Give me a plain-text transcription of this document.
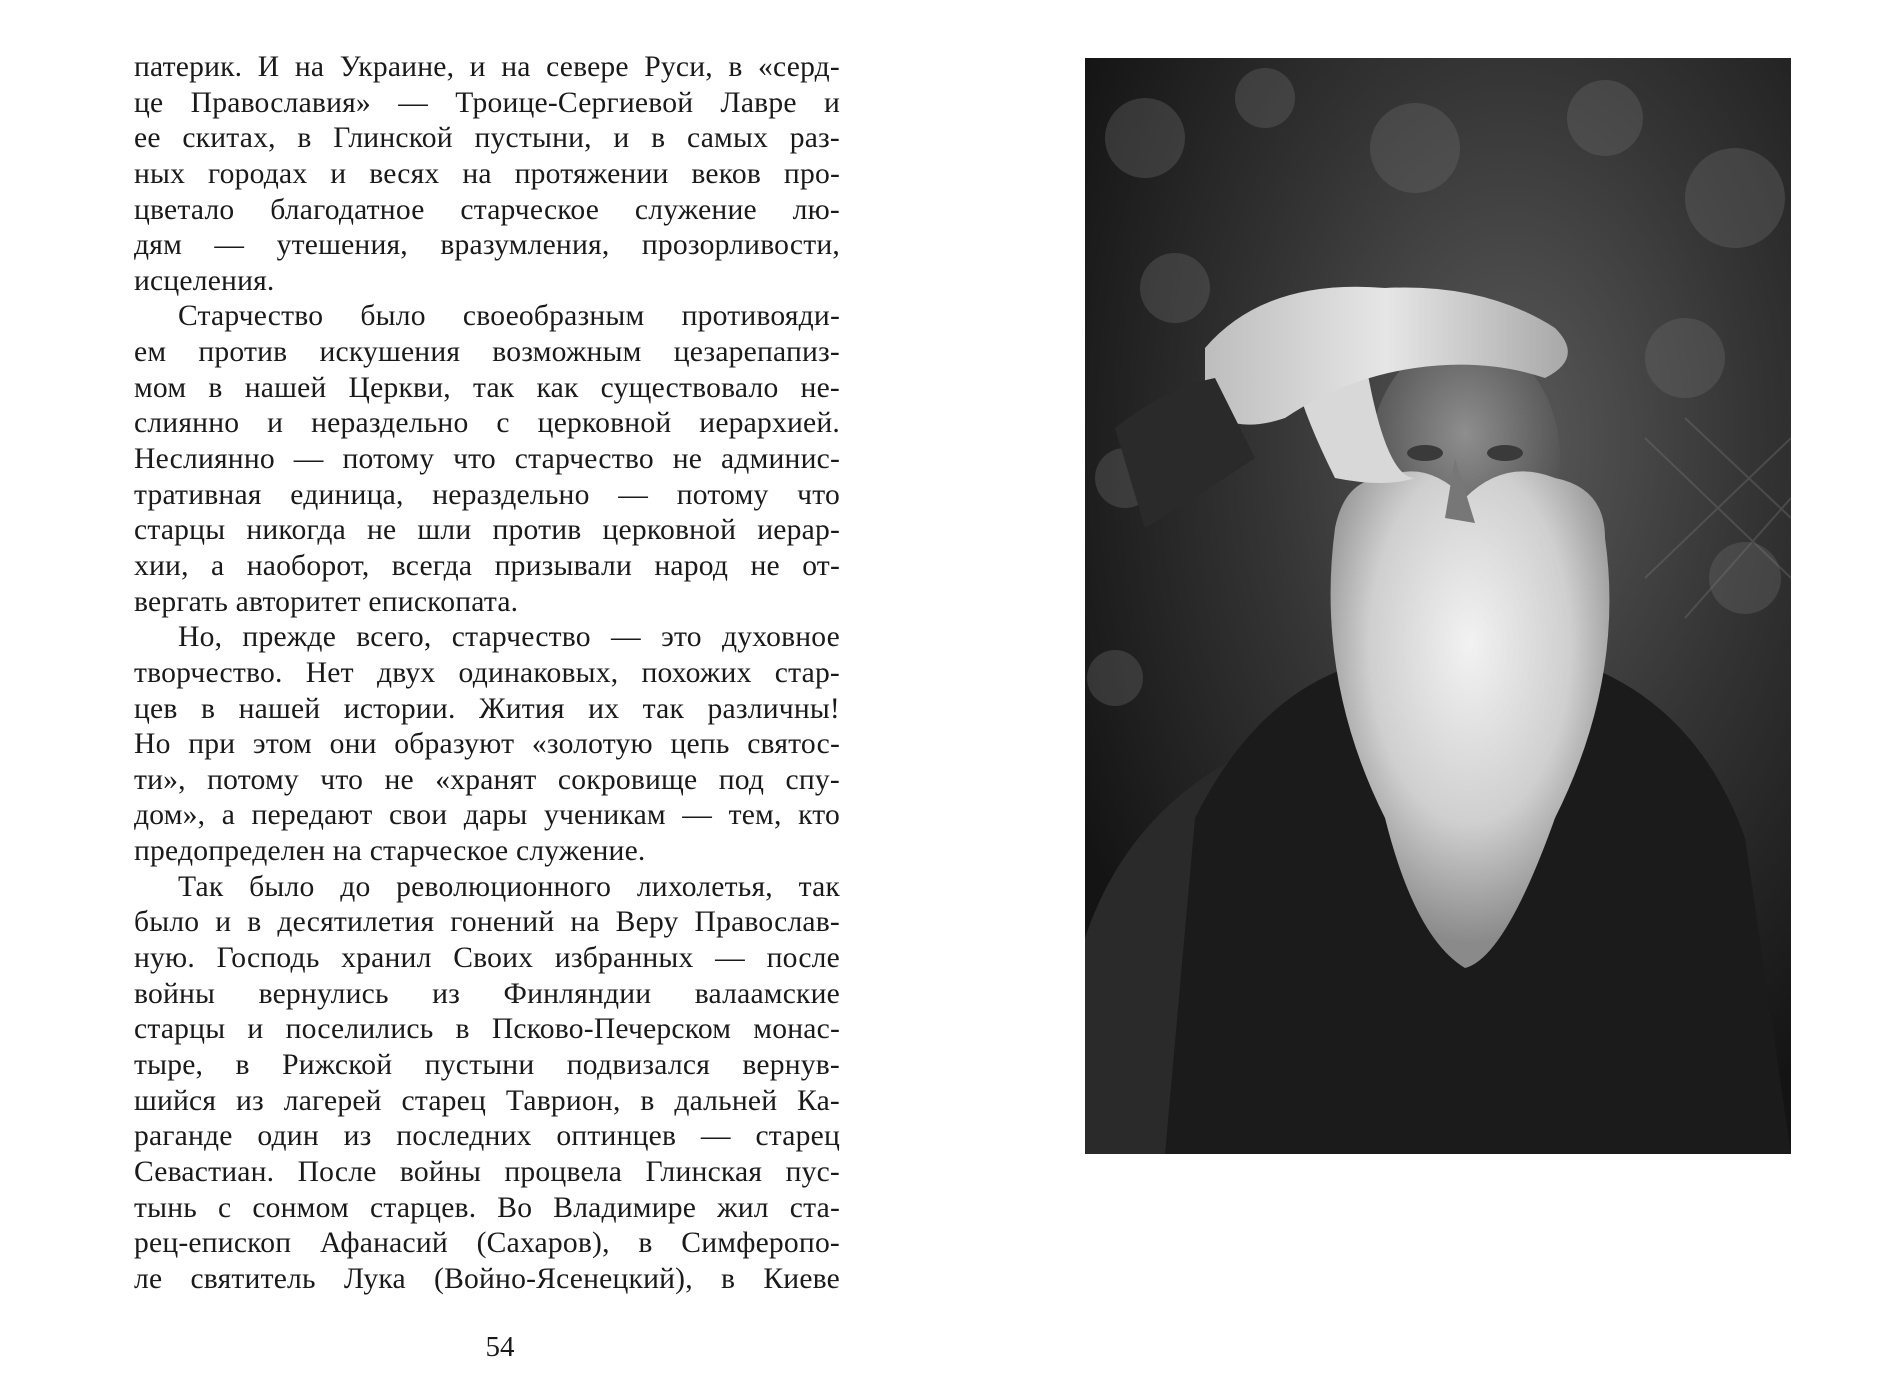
патерик. И на Украине, и на севере Руси, в «серд-
це Православия» — Троице-Сергиевой Лавре и
ее скитах, в Глинской пустыни, и в самых раз-
ных городах и весях на протяжении веков про-
цветало благодатное старческое служение лю-
дям — утешения, вразумления, прозорливости,
исцеления.
Старчество было своеобразным противояди-
ем против искушения возможным цезарепапиз-
мом в нашей Церкви, так как существовало не-
слиянно и нераздельно с церковной иерархией.
Неслиянно — потому что старчество не админис-
тративная единица, нераздельно — потому что
старцы никогда не шли против церковной иерар-
хии, а наоборот, всегда призывали народ не от-
вергать авторитет епископата.
Но, прежде всего, старчество — это духовное
творчество. Нет двух одинаковых, похожих стар-
цев в нашей истории. Жития их так различны!
Но при этом они образуют «золотую цепь святос-
ти», потому что не «хранят сокровище под спу-
дом», а передают свои дары ученикам — тем, кто
предопределен на старческое служение.
Так было до революционного лихолетья, так
было и в десятилетия гонений на Веру Православ-
ную. Господь хранил Своих избранных — после
войны вернулись из Финляндии валаамские
старцы и поселились в Псково-Печерском монас-
тыре, в Рижской пустыни подвизался вернув-
шийся из лагерей старец Таврион, в дальней Ка-
раганде один из последних оптинцев — старец
Севастиан. После войны процвела Глинская пус-
тынь с сонмом старцев. Во Владимире жил ста-
рец-епископ Афанасий (Сахаров), в Симферопо-
ле святитель Лука (Войно-Ясенецкий), в Киеве
54
